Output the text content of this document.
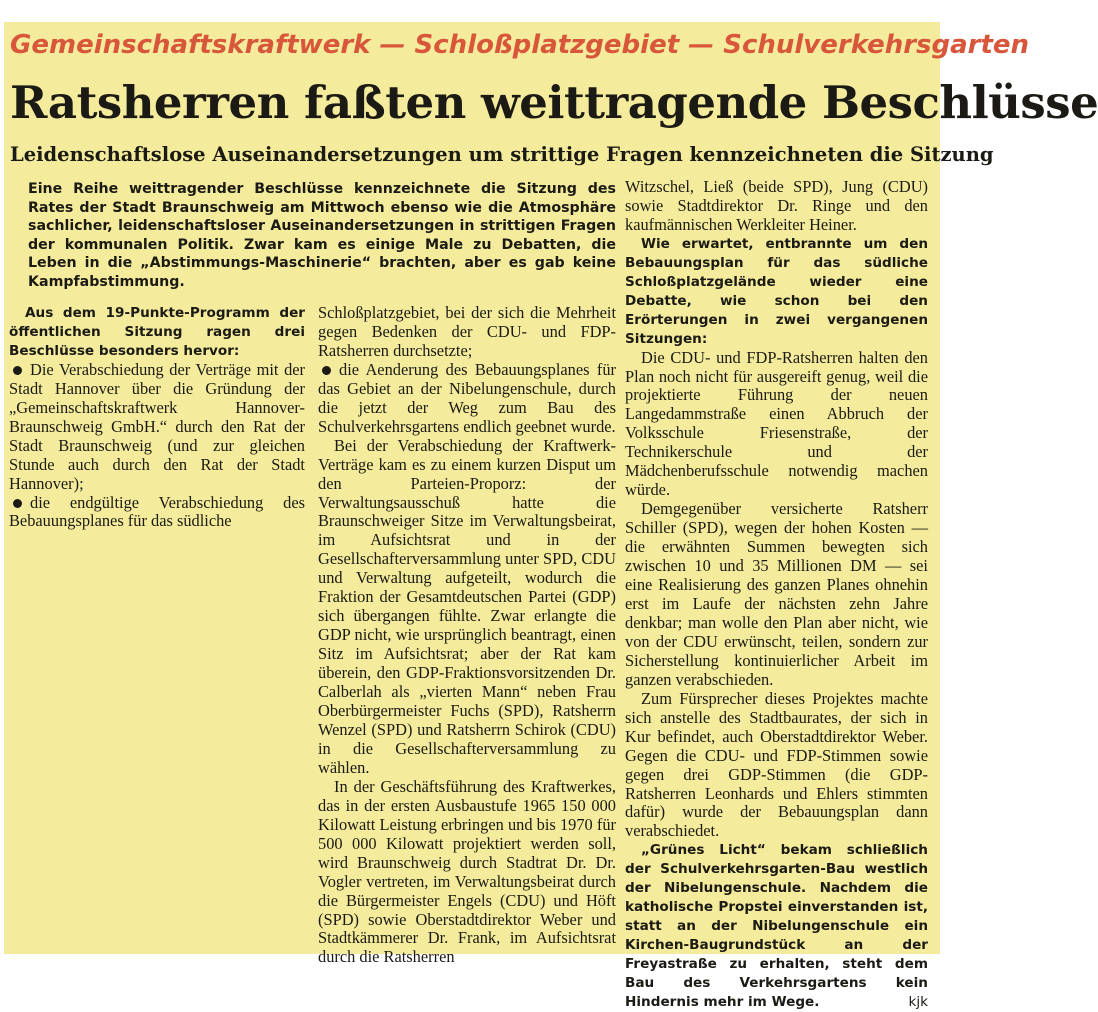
Gemeinschaftskraftwerk — Schloßplatzgebiet — Schulverkehrsgarten
Ratsherren faßten weittragende Beschlüsse
Leidenschaftslose Auseinandersetzungen um strittige Fragen kennzeichneten die Sitzung

Eine Reihe weittragender Beschlüsse kennzeichnete die Sitzung des Rates der Stadt Braunschweig am Mittwoch ebenso wie die Atmosphäre sachlicher, leidenschaftsloser Auseinandersetzungen in strittigen Fragen der kommunalen Politik. Zwar kam es einige Male zu Debatten, die Leben in die „Abstimmungs-Maschinerie“ brachten, aber es gab keine Kampfabstimmung.

Aus dem 19-Punkte-Programm der öffentlichen Sitzung ragen drei Beschlüsse besonders hervor:

Die Verabschiedung der Verträge mit der Stadt Hannover über die Gründung der „Gemeinschaftskraftwerk Hannover-Braunschweig GmbH.“ durch den Rat der Stadt Braunschweig (und zur gleichen Stunde auch durch den Rat der Stadt Hannover);

die endgültige Verabschiedung des Bebauungsplanes für das südliche

Schloßplatzgebiet, bei der sich die Mehrheit gegen Bedenken der CDU- und FDP-Ratsherren durchsetzte;

die Aenderung des Bebauungsplanes für das Gebiet an der Nibelungenschule, durch die jetzt der Weg zum Bau des Schulverkehrsgartens endlich geebnet wurde.

Bei der Verabschiedung der Kraftwerk-Verträge kam es zu einem kurzen Disput um den Parteien-Proporz: der Verwaltungsausschuß hatte die Braunschweiger Sitze im Verwaltungsbeirat, im Aufsichtsrat und in der Gesellschafterversammlung unter SPD, CDU und Verwaltung aufgeteilt, wodurch die Fraktion der Gesamtdeutschen Partei (GDP) sich übergangen fühlte. Zwar erlangte die GDP nicht, wie ursprünglich beantragt, einen Sitz im Aufsichtsrat; aber der Rat kam überein, den GDP-Fraktionsvorsitzenden Dr. Calberlah als „vierten Mann“ neben Frau Oberbürgermeister Fuchs (SPD), Ratsherrn Wenzel (SPD) und Ratsherrn Schirok (CDU) in die Gesellschafterversammlung zu wählen.

In der Geschäftsführung des Kraftwerkes, das in der ersten Ausbaustufe 1965 150 000 Kilowatt Leistung erbringen und bis 1970 für 500 000 Kilowatt projektiert werden soll, wird Braunschweig durch Stadtrat Dr. Dr. Vogler vertreten, im Verwaltungsbeirat durch die Bürgermeister Engels (CDU) und Höft (SPD) sowie Oberstadtdirektor Weber und Stadtkämmerer Dr. Frank, im Aufsichtsrat durch die Ratsherren

Witzschel, Ließ (beide SPD), Jung (CDU) sowie Stadtdirektor Dr. Ringe und den kaufmännischen Werkleiter Heiner.

Wie erwartet, entbrannte um den Bebauungsplan für das südliche Schloßplatzgelände wieder eine Debatte, wie schon bei den Erörterungen in zwei vergangenen Sitzungen:

Die CDU- und FDP-Ratsherren halten den Plan noch nicht für ausgereift genug, weil die projektierte Führung der neuen Langedammstraße einen Abbruch der Volksschule Friesenstraße, der Technikerschule und der Mädchenberufsschule notwendig machen würde.

Demgegenüber versicherte Ratsherr Schiller (SPD), wegen der hohen Kosten — die erwähnten Summen bewegten sich zwischen 10 und 35 Millionen DM — sei eine Realisierung des ganzen Planes ohnehin erst im Laufe der nächsten zehn Jahre denkbar; man wolle den Plan aber nicht, wie von der CDU erwünscht, teilen, sondern zur Sicherstellung kontinuierlicher Arbeit im ganzen verabschieden.

Zum Fürsprecher dieses Projektes machte sich anstelle des Stadtbaurates, der sich in Kur befindet, auch Oberstadtdirektor Weber. Gegen die CDU- und FDP-Stimmen sowie gegen drei GDP-Stimmen (die GDP-Ratsherren Leonhards und Ehlers stimmten dafür) wurde der Bebauungsplan dann verabschiedet.

„Grünes Licht“ bekam schließlich der Schulverkehrsgarten-Bau westlich der Nibelungenschule. Nachdem die katholische Propstei einverstanden ist, statt an der Nibelungenschule ein Kirchen-Baugrundstück an der Freyastraße zu erhalten, steht dem Bau des Verkehrsgartens kein Hindernis mehr im Wege.	kjk
